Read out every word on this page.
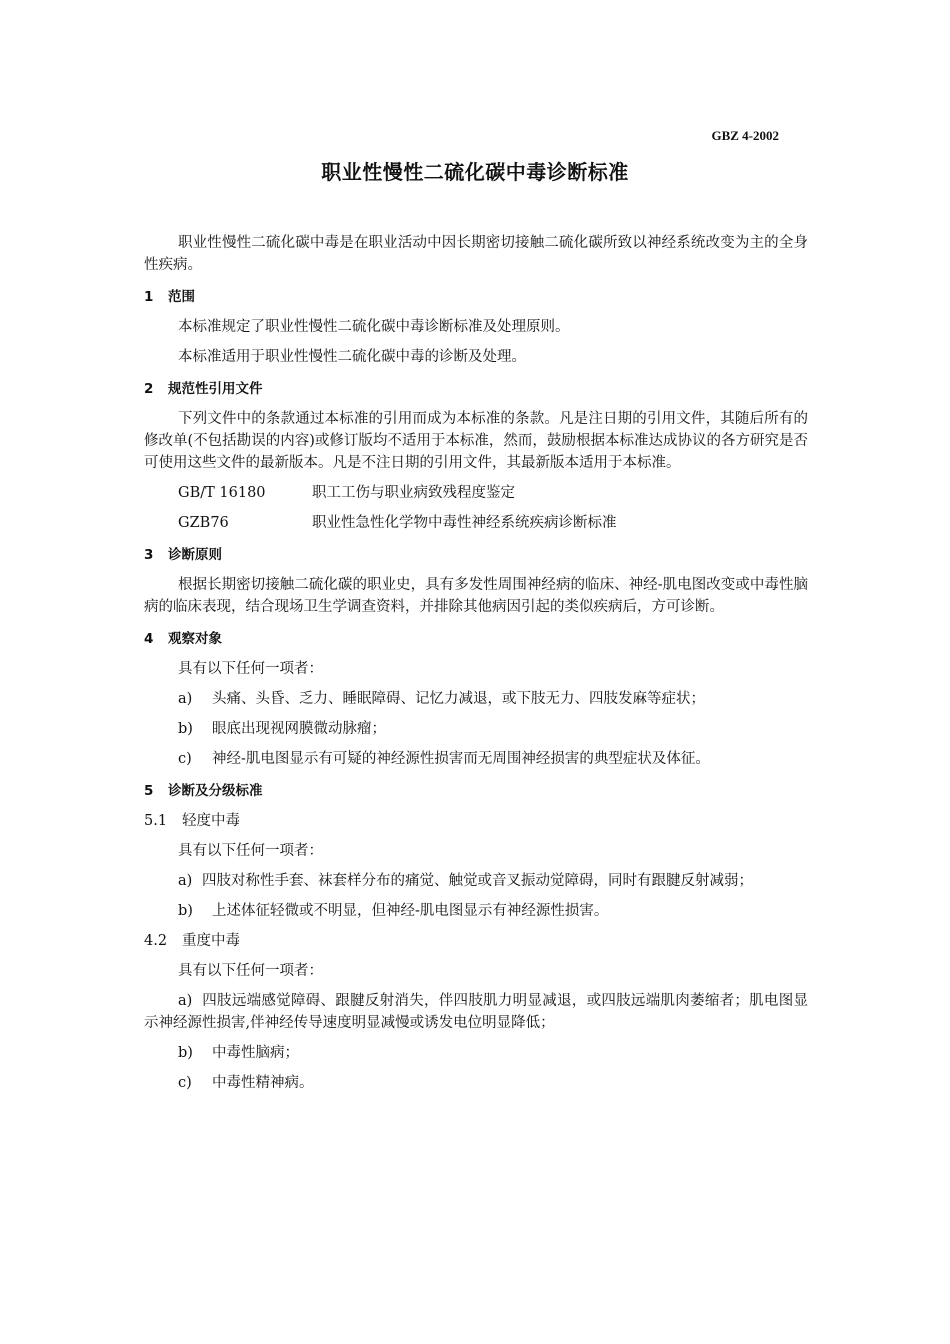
GBZ 4-2002
职业性慢性二硫化碳中毒诊断标准

职业性慢性二硫化碳中毒是在职业活动中因长期密切接触二硫化碳所致以神经系统改变为主的全身性疾病。

1 范围

本标准规定了职业性慢性二硫化碳中毒诊断标准及处理原则。

本标准适用于职业性慢性二硫化碳中毒的诊断及处理。

2 规范性引用文件

下列文件中的条款通过本标准的引用而成为本标准的条款。凡是注日期的引用文件，其随后所有的修改单(不包括勘误的内容)或修订版均不适用于本标准，然而，鼓励根据本标准达成协议的各方研究是否可使用这些文件的最新版本。凡是不注日期的引用文件，其最新版本适用于本标准。

GB/T 16180	职工工伤与职业病致残程度鉴定
GZB76	职业性急性化学物中毒性神经系统疾病诊断标准
3 诊断原则

根据长期密切接触二硫化碳的职业史，具有多发性周围神经病的临床、神经-肌电图改变或中毒性脑病的临床表现，结合现场卫生学调查资料，并排除其他病因引起的类似疾病后，方可诊断。

4 观察对象

具有以下任何一项者：

a) 头痛、头昏、乏力、睡眠障碍、记忆力减退，或下肢无力、四肢发麻等症状；
b) 眼底出现视网膜微动脉瘤；
c) 神经-肌电图显示有可疑的神经源性损害而无周围神经损害的典型症状及体征。
5 诊断及分级标准
5.1 轻度中毒

具有以下任何一项者：

a) 四肢对称性手套、袜套样分布的痛觉、触觉或音叉振动觉障碍，同时有跟腱反射减弱；
b) 上述体征轻微或不明显，但神经-肌电图显示有神经源性损害。
4.2 重度中毒

具有以下任何一项者：

a) 四肢远端感觉障碍、跟腱反射消失，伴四肢肌力明显减退，或四肢远端肌肉萎缩者；肌电图显示神经源性损害,伴神经传导速度明显减慢或诱发电位明显降低；
b) 中毒性脑病；
c) 中毒性精神病。
